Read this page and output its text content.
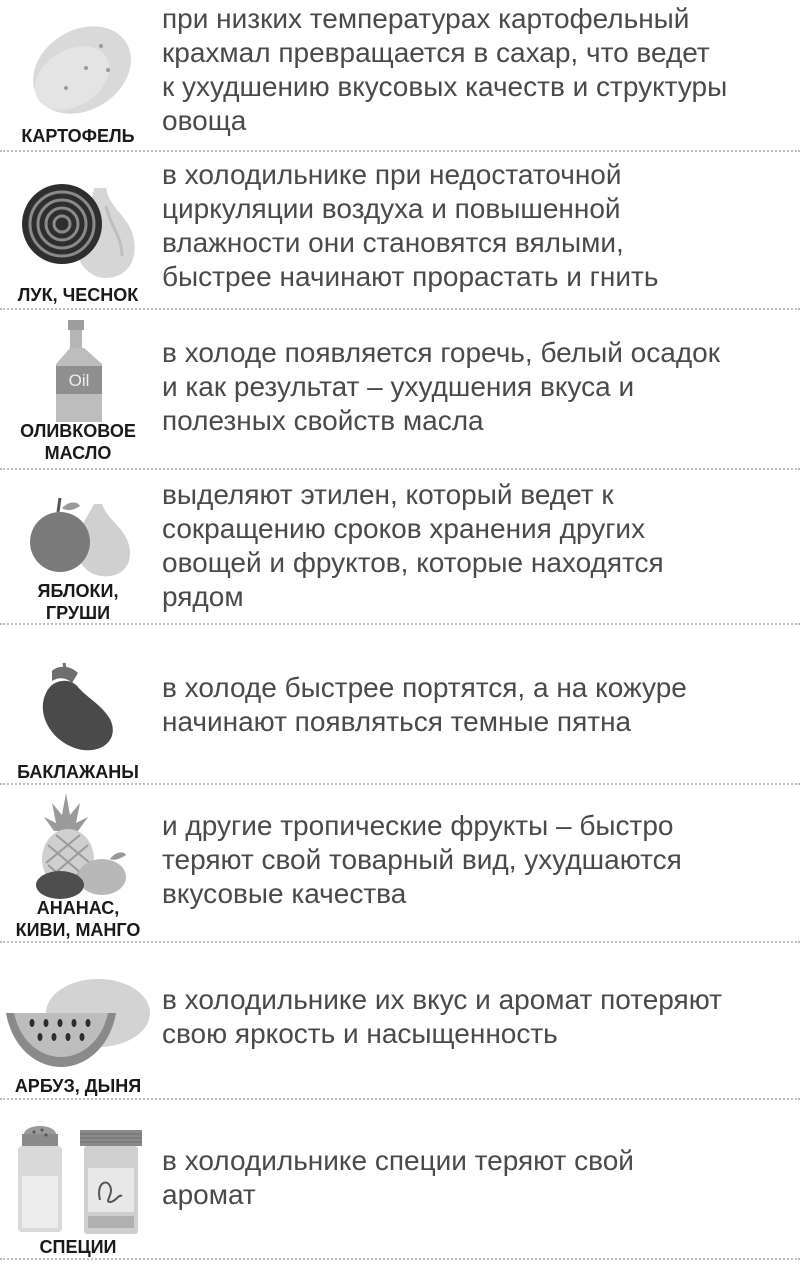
КАРТОФЕЛЬ
при низких температурах картофельный
крахмал превращается в сахар, что ведет
к ухудшению вкусовых качеств и структуры
овоща
ЛУК, ЧЕСНОК
в холодильнике при недостаточной
циркуляции воздуха и повышенной
влажности они становятся вялыми,
быстрее начинают прорастать и гнить
Oil
ОЛИВКОВОЕ
МАСЛО
в холоде появляется горечь, белый осадок
и как результат – ухудшения вкуса и
полезных свойств масла
ЯБЛОКИ,
ГРУШИ
выделяют этилен, который ведет к
сокращению сроков хранения других
овощей и фруктов, которые находятся
рядом
БАКЛАЖАНЫ
в холоде быстрее портятся, а на кожуре
начинают появляться темные пятна
АНАНАС,
КИВИ, МАНГО
и другие тропические фрукты – быстро
теряют свой товарный вид, ухудшаются
вкусовые качества
АРБУЗ, ДЫНЯ
в холодильнике их вкус и аромат потеряют
свою яркость и насыщенность
СПЕЦИИ
в холодильнике специи теряют свой
аромат
